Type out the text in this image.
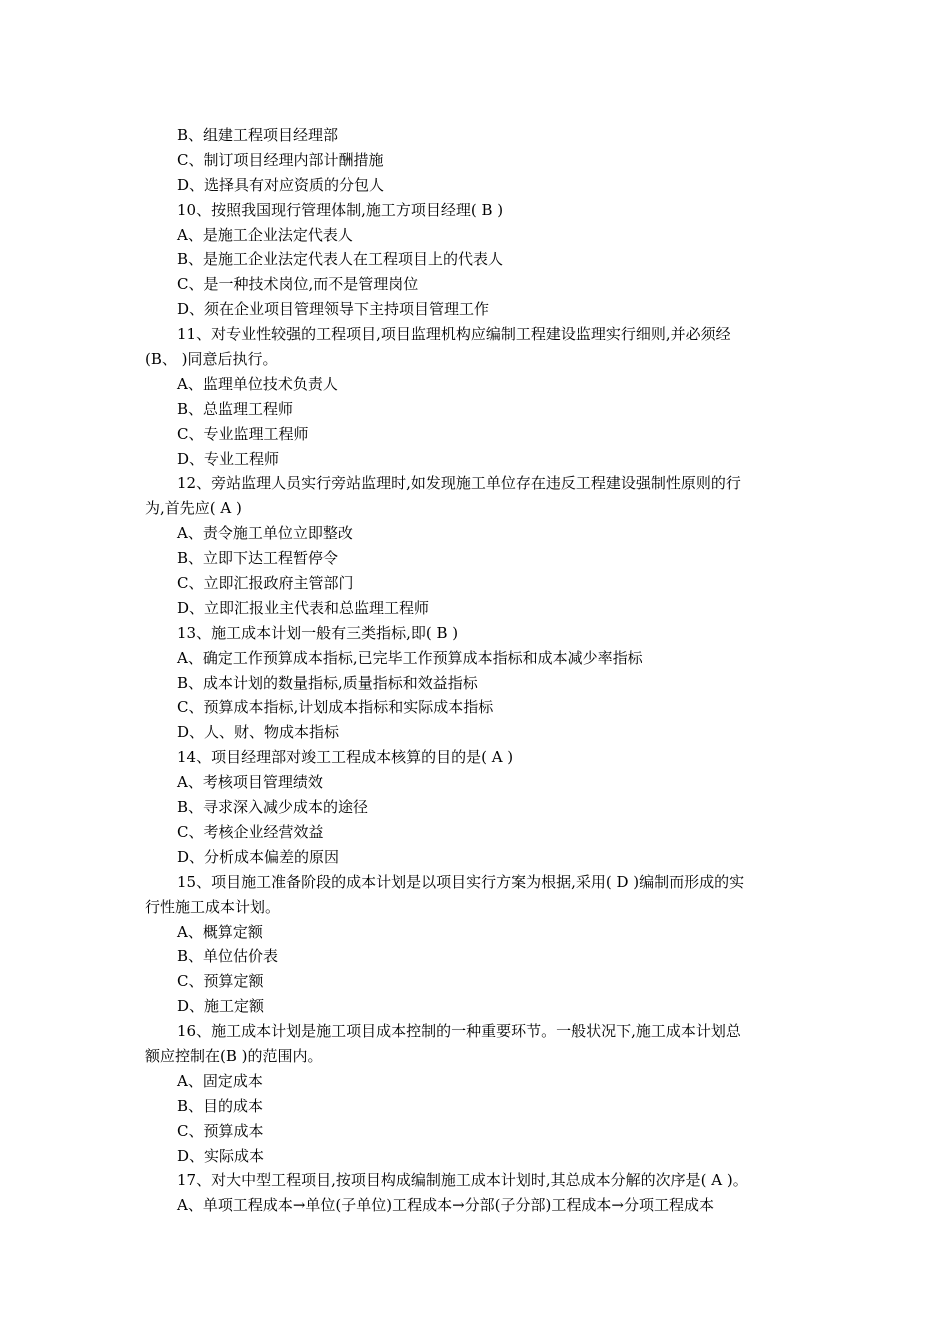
B、组建工程项目经理部
C、制订项目经理内部计酬措施
D、选择具有对应资质的分包人
10、按照我国现行管理体制,施工方项目经理( B )
A、是施工企业法定代表人
B、是施工企业法定代表人在工程项目上的代表人
C、是一种技术岗位,而不是管理岗位
D、须在企业项目管理领导下主持项目管理工作
11、对专业性较强的工程项目,项目监理机构应编制工程建设监理实行细则,并必须经
(B、 )同意后执行。
A、监理单位技术负责人
B、总监理工程师
C、专业监理工程师
D、专业工程师
12、旁站监理人员实行旁站监理时,如发现施工单位存在违反工程建设强制性原则的行
为,首先应( A )
A、责令施工单位立即整改
B、立即下达工程暂停令
C、立即汇报政府主管部门
D、立即汇报业主代表和总监理工程师
13、施工成本计划一般有三类指标,即( B )
A、确定工作预算成本指标,已完毕工作预算成本指标和成本减少率指标
B、成本计划的数量指标,质量指标和效益指标
C、预算成本指标,计划成本指标和实际成本指标
D、人、财、物成本指标
14、项目经理部对竣工工程成本核算的目的是( A )
A、考核项目管理绩效
B、寻求深入减少成本的途径
C、考核企业经营效益
D、分析成本偏差的原因
15、项目施工准备阶段的成本计划是以项目实行方案为根据,采用( D )编制而形成的实
行性施工成本计划。
A、概算定额
B、单位估价表
C、预算定额
D、施工定额
16、施工成本计划是施工项目成本控制的一种重要环节。一般状况下,施工成本计划总
额应控制在(B )的范围内。
A、固定成本
B、目的成本
C、预算成本
D、实际成本
17、对大中型工程项目,按项目构成编制施工成本计划时,其总成本分解的次序是( A )。
A、单项工程成本→单位(子单位)工程成本→分部(子分部)工程成本→分项工程成本
